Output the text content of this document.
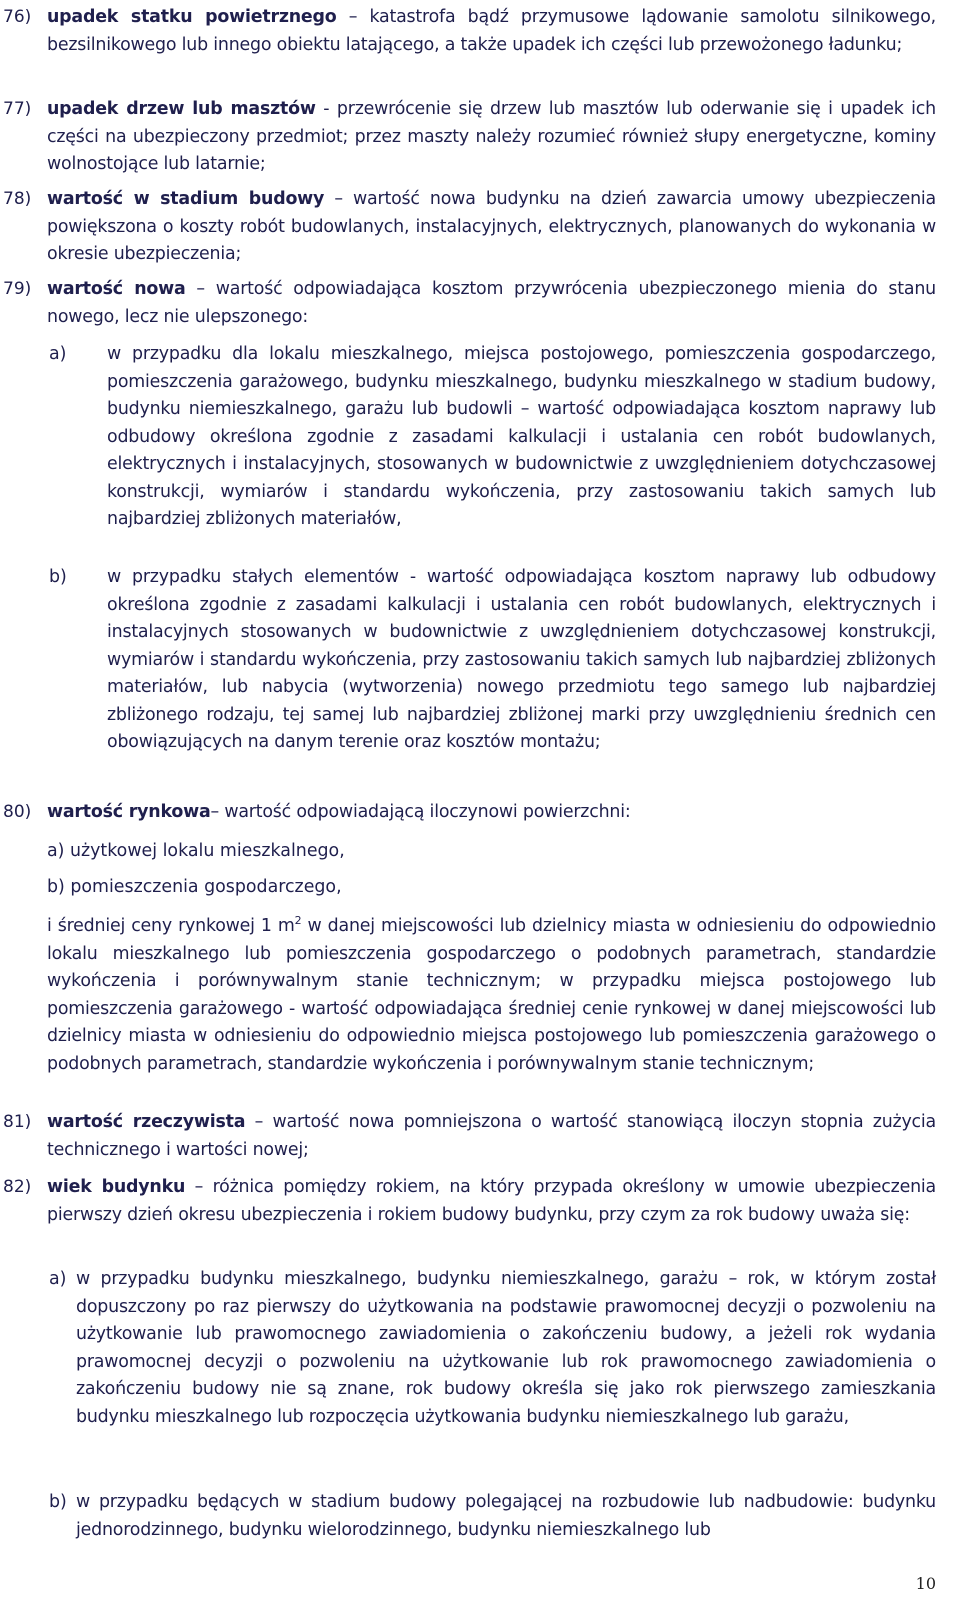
76) upadek statku powietrznego – katastrofa bądź przymusowe lądowanie samolotu silnikowego, bezsilnikowego lub innego obiektu latającego, a także upadek ich części lub przewożonego ładunku;
77) upadek drzew lub masztów - przewrócenie się drzew lub masztów lub oderwanie się i upadek ich części na ubezpieczony przedmiot; przez maszty należy rozumieć również słupy energetyczne, kominy wolnostojące lub latarnie;
78) wartość w stadium budowy – wartość nowa budynku na dzień zawarcia umowy ubezpieczenia powiększona o koszty robót budowlanych, instalacyjnych, elektrycznych, planowanych do wykonania w okresie ubezpieczenia;
79) wartość nowa – wartość odpowiadająca kosztom przywrócenia ubezpieczonego mienia do stanu nowego, lecz nie ulepszonego:
a) w przypadku dla lokalu mieszkalnego, miejsca postojowego, pomieszczenia gospodarczego, pomieszczenia garażowego, budynku mieszkalnego, budynku mieszkalnego w stadium budowy, budynku niemieszkalnego, garażu lub budowli – wartość odpowiadająca kosztom naprawy lub odbudowy określona zgodnie z zasadami kalkulacji i ustalania cen robót budowlanych, elektrycznych i instalacyjnych, stosowanych w budownictwie z uwzględnieniem dotychczasowej konstrukcji, wymiarów i standardu wykończenia, przy zastosowaniu takich samych lub najbardziej zbliżonych materiałów,
b) w przypadku stałych elementów - wartość odpowiadająca kosztom naprawy lub odbudowy określona zgodnie z zasadami kalkulacji i ustalania cen robót budowlanych, elektrycznych i instalacyjnych stosowanych w budownictwie z uwzględnieniem dotychczasowej konstrukcji, wymiarów i standardu wykończenia, przy zastosowaniu takich samych lub najbardziej zbliżonych materiałów, lub nabycia (wytworzenia) nowego przedmiotu tego samego lub najbardziej zbliżonego rodzaju, tej samej lub najbardziej zbliżonej marki przy uwzględnieniu średnich cen obowiązujących na danym terenie oraz kosztów montażu;
80) wartość rynkowa– wartość odpowiadającą iloczynowi powierzchni:
a) użytkowej lokalu mieszkalnego,
b) pomieszczenia gospodarczego,
i średniej ceny rynkowej 1 $m^2$ w danej miejscowości lub dzielnicy miasta w odniesieniu do odpowiednio lokalu mieszkalnego lub pomieszczenia gospodarczego o podobnych parametrach, standardzie wykończenia i porównywalnym stanie technicznym; w przypadku miejsca postojowego lub pomieszczenia garażowego - wartość odpowiadająca średniej cenie rynkowej w danej miejscowości lub dzielnicy miasta w odniesieniu do odpowiednio miejsca postojowego lub pomieszczenia garażowego o podobnych parametrach, standardzie wykończenia i porównywalnym stanie technicznym;
81) wartość rzeczywista – wartość nowa pomniejszona o wartość stanowiącą iloczyn stopnia zużycia technicznego i wartości nowej;
82) wiek budynku – różnica pomiędzy rokiem, na który przypada określony w umowie ubezpieczenia pierwszy dzień okresu ubezpieczenia i rokiem budowy budynku, przy czym za rok budowy uważa się:
a) w przypadku budynku mieszkalnego, budynku niemieszkalnego, garażu – rok, w którym został dopuszczony po raz pierwszy do użytkowania na podstawie prawomocnej decyzji o pozwoleniu na użytkowanie lub prawomocnego zawiadomienia o zakończeniu budowy, a jeżeli rok wydania prawomocnej decyzji o pozwoleniu na użytkowanie lub rok prawomocnego zawiadomienia o zakończeniu budowy nie są znane, rok budowy określa się jako rok pierwszego zamieszkania budynku mieszkalnego lub rozpoczęcia użytkowania budynku niemieszkalnego lub garażu,
b) w przypadku będących w stadium budowy polegającej na rozbudowie lub nadbudowie: budynku jednorodzinnego, budynku wielorodzinnego, budynku niemieszkalnego lub
10
